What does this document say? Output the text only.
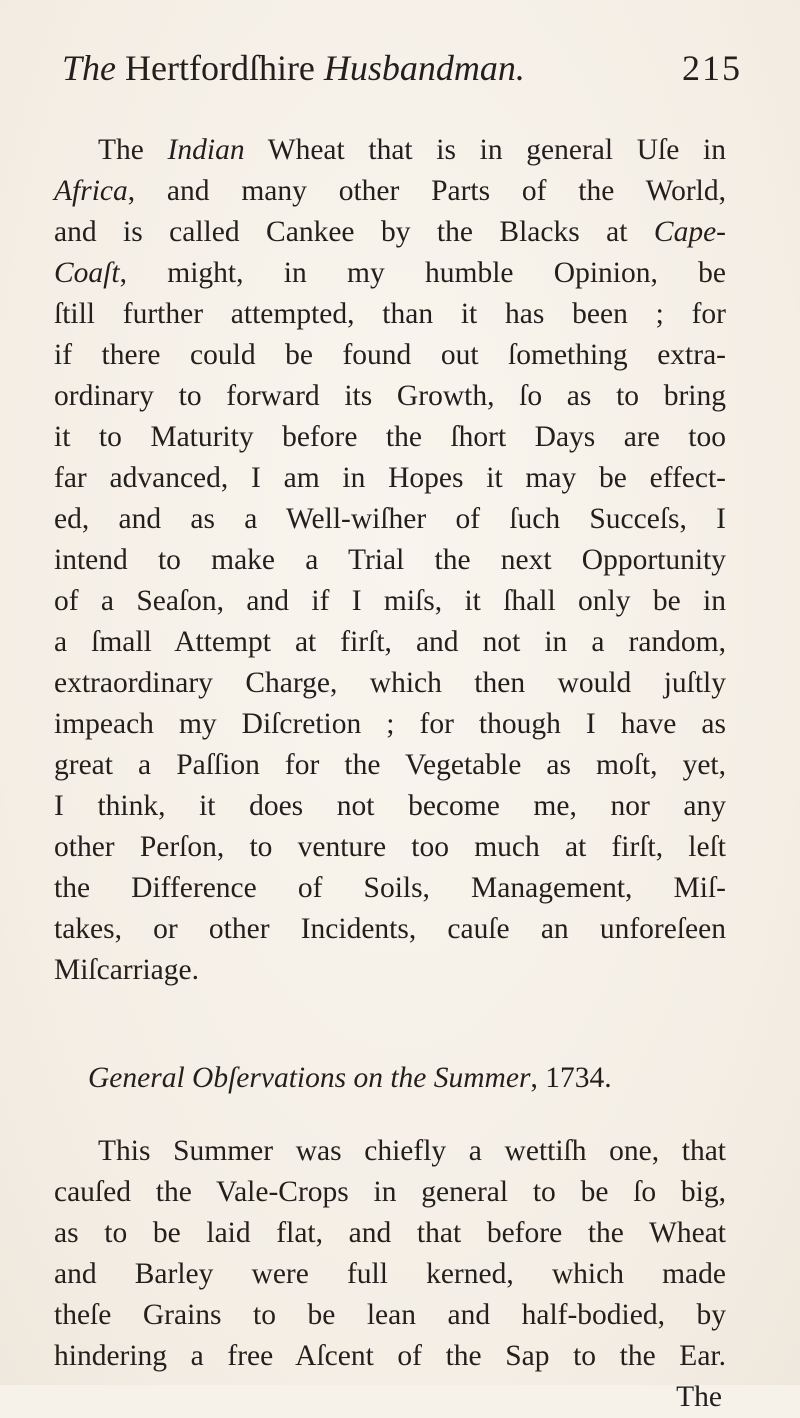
The Hertfordſhire Husbandman.	215
The Indian Wheat that is in general Uſe in
Africa, and many other Parts of the World,
and is called Cankee by the Blacks at Cape-
Coaſt, might, in my humble Opinion, be
ſtill further attempted, than it has been ; for
if there could be found out ſomething extra-
ordinary to forward its Growth, ſo as to bring
it to Maturity before the ſhort Days are too
far advanced, I am in Hopes it may be effect-
ed, and as a Well-wiſher of ſuch Succeſs, I
intend to make a Trial the next Opportunity
of a Seaſon, and if I miſs, it ſhall only be in
a ſmall Attempt at firſt, and not in a random,
extraordinary Charge, which then would juſtly
impeach my Diſcretion ; for though I have as
great a Paſſion for the Vegetable as moſt, yet,
I think, it does not become me, nor any
other Perſon, to venture too much at firſt, leſt
the Difference of Soils, Management, Miſ-
takes, or other Incidents, cauſe an unforeſeen
Miſcarriage.
General Obſervations on the Summer, 1734.
This Summer was chiefly a wettiſh one, that
cauſed the Vale-Crops in general to be ſo big,
as to be laid flat, and that before the Wheat
and Barley were full kerned, which made
theſe Grains to be lean and half-bodied, by
hindering a free Aſcent of the Sap to the Ear.
The
